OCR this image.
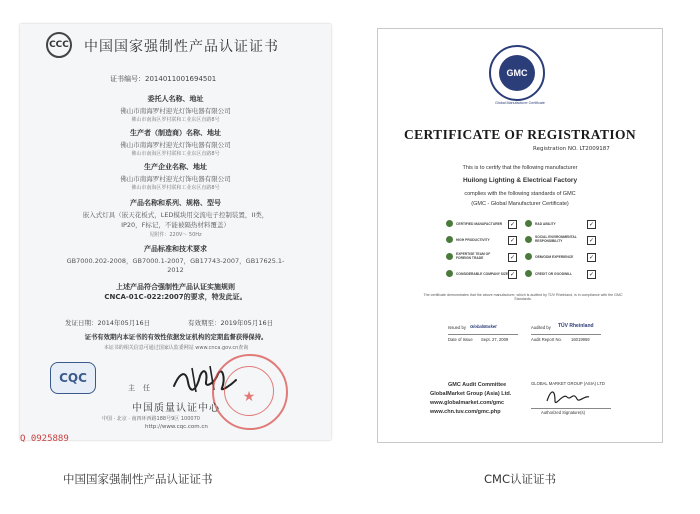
CCC 中国国家强制性产品认证证书
证书编号：2014011001694501
委托人名称、地址
佛山市南海罗村迎光灯饰电器有限公司
佛山市南海区罗村联和工业东区直路8号
生产者（制造商）名称、地址
佛山市南海罗村迎光灯饰电器有限公司
佛山市南海区罗村联和工业东区直路8号
生产企业名称、地址
佛山市南海罗村迎光灯饰电器有限公司
佛山市南海区罗村联和工业东区直路8号
产品名称和系列、规格、型号
嵌入式灯具（嵌天花板式，LED模块用交流电子控制装置，II类，
IP20，F标记，不能被隔热材料覆盖）
见附件：220V～ 50Hz
产品标准和技术要求
GB7000.202-2008，GB7000.1-2007，GB17743-2007，GB17625.1-
2012
上述产品符合强制性产品认证实施规则
CNCA-01C-022:2007的要求，特发此证。
发证日期：2014年05月16日	有效期至：2019年05月16日
证书有效期内本证书的有效性依据发证机构的定期监督获得保持。
本证书的相关信息可通过国家认监委网站 www.cnca.gov.cn查询
CQC
主任
★
中国质量认证中心
中国 · 北京 · 南四环西路188号9区 100070
http://www.cqc.com.cn
Q 0925889
GMC
Global Manufacturer Certificate
CERTIFICATE OF REGISTRATION
Registration NO. LT2009187
This is to certify that the following manufacturer
Huilong Lighting & Electrical Factory
complies with the following standards of GMC
(GMC - Global Manufacturer Certificate)
CERTIFIED MANUFACTURER	✓	R&D ABILITY	✓
HIGH PRODUCTIVITY	✓	SOCIAL ENVIRONMENTAL RESPONSIBILITY	✓
EXPERTISE TEAM OF FOREIGN TRADE	✓	OEM/ODM EXPERIENCE	✓
CONSIDERABLE COMPANY SIZE ✓	CREDIT OR GOODWILL	✓
The certificate demonstrates that the above manufacturer, which is audited by TÜV Rheinland, is in compliance with the GMC Standards.
Issued by GlobalMarket	Audited by TÜV Rheinland
Date of Issue Sept. 27, 2009	Audit Report No. 16019959
GMC Audit Committee
GlobalMarket Group (Asia) Ltd.
www.globalmarket.com/gmc
www.chn.tuv.com/gmc.php
GLOBAL MARKET GROUP (ASIA) LTD
Authorized Signature(s)
中国国家强制性产品认证证书	CMC认证证书
